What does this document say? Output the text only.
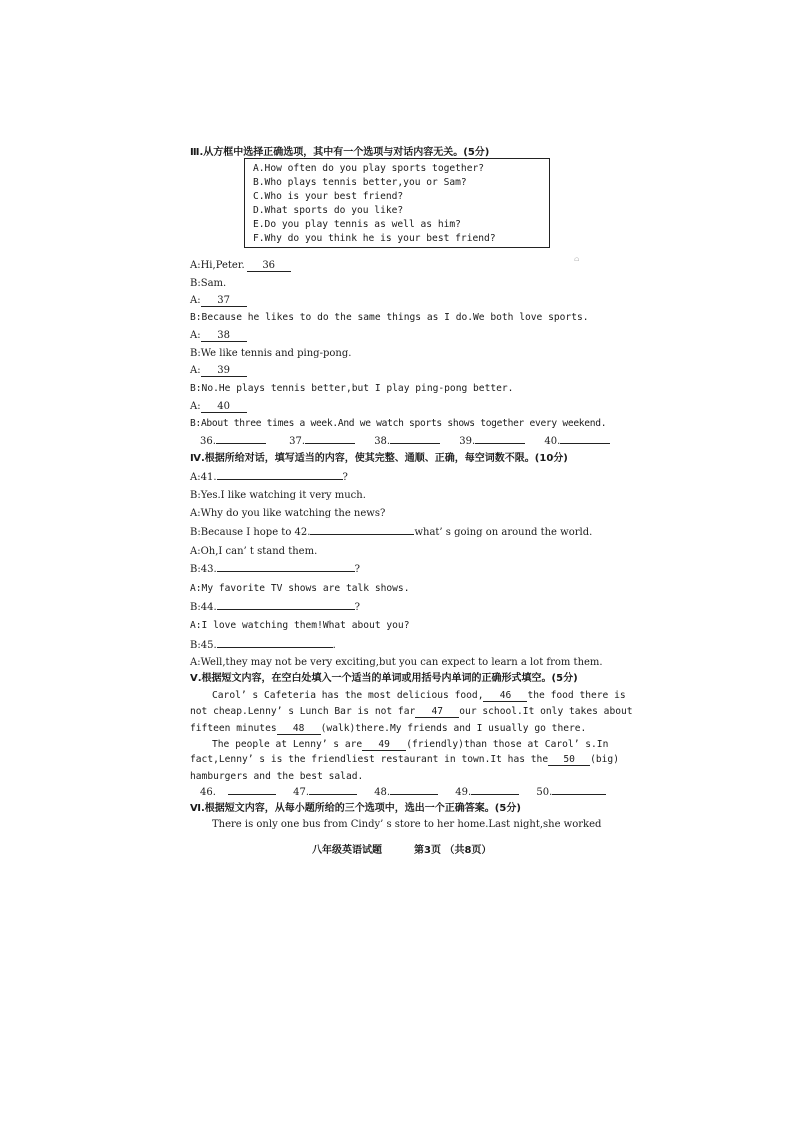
Ⅲ.从方框中选择正确选项，其中有一个选项与对话内容无关。(5分)
A.How often do you play sports together?
B.Who plays tennis better,you or Sam?
C.Who is your best friend?
D.What sports do you like?
E.Do you play tennis as well as him?
F.Why do you think he is your best friend?
⌂
A:Hi,Peter. 36
B:Sam.
A: 37
B:Because he likes to do the same things as I do.We both love sports.
A: 38
B:We like tennis and ping-pong.
A: 39
B:No.He plays tennis better,but I play ping-pong better.
A: 40
B:About three times a week.And we watch sports shows together every weekend.
36.	37.	38.	39.	40.
Ⅳ.根据所给对话，填写适当的内容，使其完整、通顺、正确，每空词数不限。(10分)
A:41.	?
B:Yes.I like watching it very much.
A:Why do you like watching the news?
B:Because I hope to 42.	what’ s going on around the world.
A:Oh,I can’ t stand them.
B:43.	?
A:My favorite TV shows are talk shows.
B:44.	?
A:I love watching them!What about you?
B:45.	.
A:Well,they may not be very exciting,but you can expect to learn a lot from them.
Ⅴ.根据短文内容，在空白处填入一个适当的单词或用括号内单词的正确形式填空。(5分)
Carol’ s Cafeteria has the most delicious food, 46 the food there is
not cheap.Lenny’ s Lunch Bar is not far 47 our school.It only takes about
fifteen minutes 48 (walk)there.My friends and I usually go there.
The people at Lenny’ s are 49 (friendly)than those at Carol’ s.In
fact,Lenny’ s is the friendliest restaurant in town.It has the 50 (big)
hamburgers and the best salad.
46.	47.	48.	49.	50.
Ⅵ.根据短文内容，从每小题所给的三个选项中，选出一个正确答案。(5分)
There is only one bus from Cindy’ s store to her home.Last night,she worked
八年级英语试题	第3页 （共8页）
